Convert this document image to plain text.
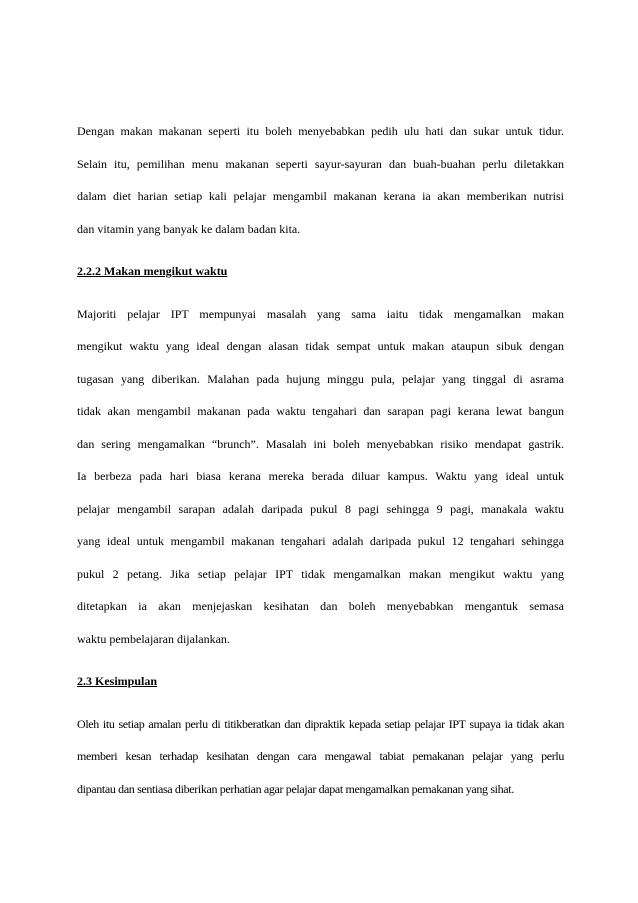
Dengan makan makanan seperti itu boleh menyebabkan pedih ulu hati dan sukar untuk tidur.
Selain itu, pemilihan menu makanan seperti sayur-sayuran dan buah-buahan perlu diletakkan
dalam diet harian setiap kali pelajar mengambil makanan kerana ia akan memberikan nutrisi
dan vitamin yang banyak ke dalam badan kita.
2.2.2 Makan mengikut waktu
Majoriti pelajar IPT mempunyai masalah yang sama iaitu tidak mengamalkan makan
mengikut waktu yang ideal dengan alasan tidak sempat untuk makan ataupun sibuk dengan
tugasan yang diberikan. Malahan pada hujung minggu pula, pelajar yang tinggal di asrama
tidak akan mengambil makanan pada waktu tengahari dan sarapan pagi kerana lewat bangun
dan sering mengamalkan “brunch”. Masalah ini boleh menyebabkan risiko mendapat gastrik.
Ia berbeza pada hari biasa kerana mereka berada diluar kampus. Waktu yang ideal untuk
pelajar mengambil sarapan adalah daripada pukul 8 pagi sehingga 9 pagi, manakala waktu
yang ideal untuk mengambil makanan tengahari adalah daripada pukul 12 tengahari sehingga
pukul 2 petang. Jika setiap pelajar IPT tidak mengamalkan makan mengikut waktu yang
ditetapkan ia akan menjejaskan kesihatan dan boleh menyebabkan mengantuk semasa
waktu pembelajaran dijalankan.
2.3 Kesimpulan
Oleh itu setiap amalan perlu di titikberatkan dan dipraktik kepada setiap pelajar IPT supaya ia tidak akan
memberi kesan terhadap kesihatan dengan cara mengawal tabiat pemakanan pelajar yang perlu
dipantau dan sentiasa diberikan perhatian agar pelajar dapat mengamalkan pemakanan yang sihat.
